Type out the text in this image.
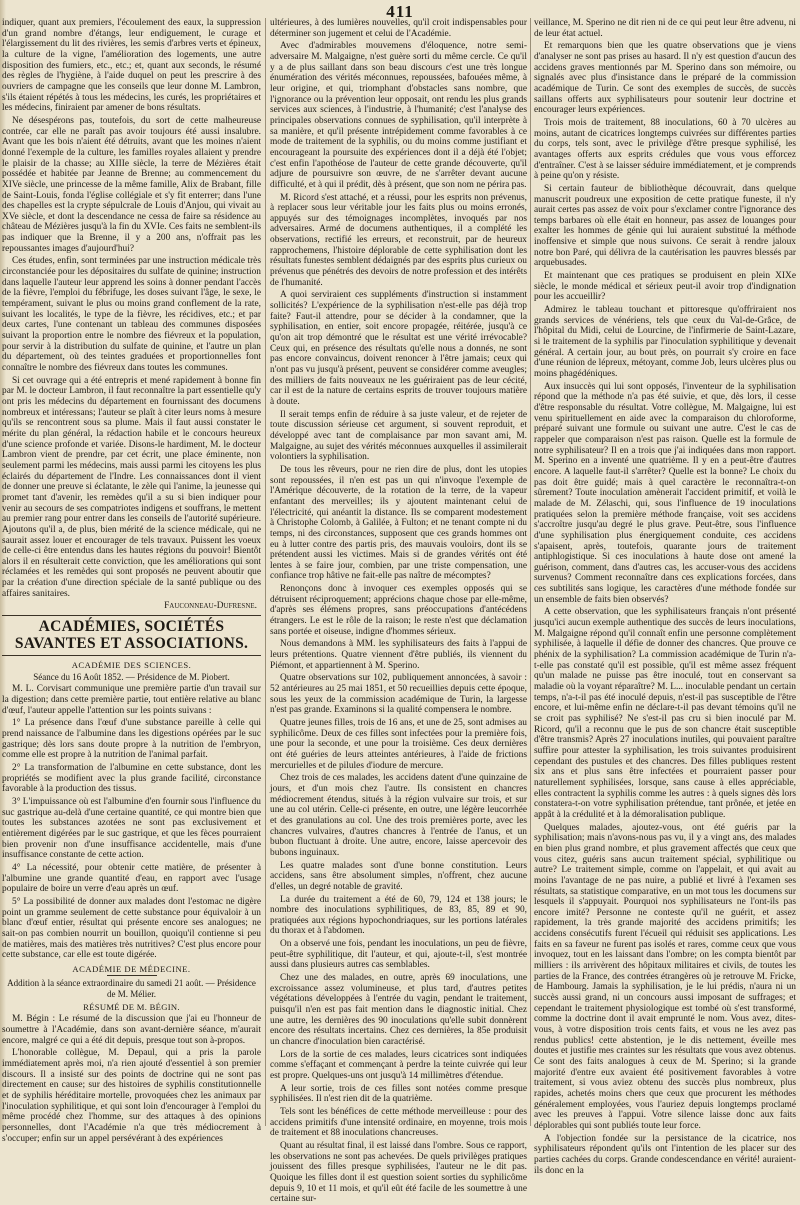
411

indiquer, quant aux premiers, l'écoulement des eaux, la suppression d'un grand nombre d'étangs, leur endiguement, le curage et l'élargissement du lit des rivières, les semis d'arbres verts et épineux, la culture de la vigne, l'amélioration des logements, une autre disposition des fumiers, etc., etc.; et, quant aux seconds, le résumé des règles de l'hygiène, à l'aide duquel on peut les prescrire à des ouvriers de campagne que les conseils que leur donne M. Lambron, s'ils étaient répétés à tous les médecins, les curés, les propriétaires et les médecins, finiraient par amener de bons résultats.

Ne désespérons pas, toutefois, du sort de cette malheureuse contrée, car elle ne paraît pas avoir toujours été aussi insalubre. Avant que les bois n'aient été détruits, avant que les moines n'aient donné l'exemple de la culture, les familles royales allaient y prendre le plaisir de la chasse; au XIIIe siècle, la terre de Mézières était possédée et habitée par Jeanne de Brenne; au commencement du XIVe siècle, une princesse de la même famille, Alix de Brabant, fille de Saint-Louis, fonda l'église collégiale et s'y fit enterrer; dans l'une des chapelles est la crypte sépulcrale de Louis d'Anjou, qui vivait au XVe siècle, et dont la descendance ne cessa de faire sa résidence au château de Mézières jusqu'à la fin du XVIe. Ces faits ne semblent-ils pas indiquer que la Brenne, il y a 200 ans, n'offrait pas les repoussantes images d'aujourd'hui?

Ces études, enfin, sont terminées par une instruction médicale très circonstanciée pour les dépositaires du sulfate de quinine; instruction dans laquelle l'auteur leur apprend les soins à donner pendant l'accès de la fièvre, l'emploi du fébrifuge, les doses suivant l'âge, le sexe, le tempérament, suivant le plus ou moins grand conflement de la rate, suivant les localités, le type de la fièvre, les récidives, etc.; et par deux cartes, l'une contenant un tableau des communes disposées suivant la proportion entre le nombre des fiévreux et la population, pour servir à la distribution du sulfate de quinine, et l'autre un plan du département, où des teintes graduées et proportionnelles font connaître le nombre des fiévreux dans toutes les communes.

Si cet ouvrage qui a été entrepris et mené rapidement à bonne fin par M. le docteur Lambron, il faut reconnaître la part essentielle qu'y ont pris les médecins du département en fournissant des documens nombreux et intéressans; l'auteur se plaît à citer leurs noms à mesure qu'ils se rencontrent sous sa plume. Mais il faut aussi constater le mérite du plan général, la rédaction habile et le concours heureux d'une science profonde et variée. Disons-le hardiment, M. le docteur Lambron vient de prendre, par cet écrit, une place éminente, non seulement parmi les médecins, mais aussi parmi les citoyens les plus éclairés du département de l'Indre. Les connaissances dont il vient de donner une preuve si éclatante, le zèle qui l'anime, la jeunesse qui promet tant d'avenir, les remèdes qu'il a su si bien indiquer pour venir au secours de ses compatriotes indigens et souffrans, le mettent au premier rang pour entrer dans les conseils de l'autorité supérieure. Ajoutons qu'il a, de plus, bien mérité de la science médicale, qui ne saurait assez louer et encourager de tels travaux. Puissent les voeux de celle-ci être entendus dans les hautes régions du pouvoir! Bientôt alors il en résulterait cette conviction, que les améliorations qui sont réclamées et les remèdes qui sont proposés ne peuvent aboutir que par la création d'une direction spéciale de la santé publique ou des affaires sanitaires.

Fauconneau-Dufresne.
ACADÉMIES, SOCIÉTÉS SAVANTES ET ASSOCIATIONS.
ACADÉMIE DES SCIENCES.
Séance du 16 Août 1852. — Présidence de M. Piobert.

M. L. Corvisart communique une première partie d'un travail sur la digestion; dans cette première partie, tout entière relative au blanc d'œuf, l'auteur appelle l'attention sur les points suivans :

1° La présence dans l'œuf d'une substance pareille à celle qui prend naissance de l'albumine dans les digestions opérées par le suc gastrique; dès lors sans doute propre à la nutrition de l'embryon, comme elle est propre à la nutrition de l'animal parfait.

2° La transformation de l'albumine en cette substance, dont les propriétés se modifient avec la plus grande facilité, circonstance favorable à la production des tissus.

3° L'impuissance où est l'albumine d'en fournir sous l'influence du suc gastrique au-delà d'une certaine quantité, ce qui montre bien que toutes les substances azotées ne sont pas exclusivement et entièrement digérées par le suc gastrique, et que les fèces pourraient bien provenir non d'une insuffisance accidentelle, mais d'une insuffisance constante de cette action.

4° La nécessité, pour obtenir cette matière, de présenter à l'albumine une grande quantité d'eau, en rapport avec l'usage populaire de boire un verre d'eau après un œuf.

5° La possibilité de donner aux malades dont l'estomac ne digère point un gramme seulement de cette substance pour équivaloir à un blanc d'œuf entier, résultat qui présente encore ses analogues; ne sait-on pas combien nourrit un bouillon, quoiqu'il contienne si peu de matières, mais des matières très nutritives? C'est plus encore pour cette substance, car elle est toute digérée.

ACADÉMIE DE MÉDECINE.
Addition à la séance extraordinaire du samedi 21 août. — Présidence de M. Mélier.
RÉSUMÉ DE M. BÉGIN.

M. Bégin : Le résumé de la discussion que j'ai eu l'honneur de soumettre à l'Académie, dans son avant-dernière séance, m'aurait encore, malgré ce qui a été dit depuis, presque tout son à-propos.

L'honorable collègue, M. Depaul, qui a pris la parole immédiatement après moi, n'a rien ajouté d'essentiel à son premier discours. Il a insisté sur des points de doctrine qui ne sont pas directement en cause; sur des histoires de syphilis constitutionnelle et de syphilis héréditaire mortelle, provoquées chez les animaux par l'inoculation syphilitique, et qui sont loin d'encourager à l'emploi du même procédé chez l'homme, sur des attaques à des opinions personnelles, dont l'Académie n'a que très médiocrement à s'occuper; enfin sur un appel persévérant à des expériences

ultérieures, à des lumières nouvelles, qu'il croit indispensables pour déterminer son jugement et celui de l'Académie.

Avec d'admirables mouvemens d'éloquence, notre semi-adversaire M. Malgaigne, n'est guère sorti du même cercle. Ce qu'il y a de plus saillant dans son beau discours c'est une très longue énumération des vérités méconnues, repoussées, bafouées même, à leur origine, et qui, triomphant d'obstacles sans nombre, que l'ignorance ou la prévention leur opposait, ont rendu les plus grands services aux sciences, à l'industrie, à l'humanité; c'est l'analyse des principales observations connues de syphilisation, qu'il interprète à sa manière, et qu'il présente intrépidement comme favorables à ce mode de traitement de la syphilis, ou du moins comme justifiant et encourageant la poursuite des expériences dont il a déjà été l'objet; c'est enfin l'apothéose de l'auteur de cette grande découverte, qu'il adjure de poursuivre son œuvre, de ne s'arrêter devant aucune difficulté, et à qui il prédit, dès à présent, que son nom ne périra pas.

M. Ricord s'est attaché, et a réussi, pour les esprits non prévenus, à replacer sous leur véritable jour les faits plus ou moins erronés, appuyés sur des témoignages incomplètes, invoqués par nos adversaires. Armé de documens authentiques, il a complété les observations, rectifié les erreurs, et reconstruit, par de heureux rapprochemens, l'histoire déplorable de cette syphilisation dont les résultats funestes semblent dédaignés par des esprits plus curieux ou prévenus que pénétrés des devoirs de notre profession et des intérêts de l'humanité.

A quoi serviraient ces suppléments d'instruction si instamment sollicités? L'expérience de la syphilisation n'est-elle pas déjà trop faite? Faut-il attendre, pour se décider à la condamner, que la syphilisation, en entier, soit encore propagée, réitérée, jusqu'à ce qu'on ait trop démontré que le résultat est une vérité irrévocable? Ceux qui, en présence des résultats qu'elle nous a donnés, ne sont pas encore convaincus, doivent renoncer à l'être jamais; ceux qui n'ont pas vu jusqu'à présent, peuvent se considérer comme aveugles; des milliers de faits nouveaux ne les guériraient pas de leur cécité, car il est de la nature de certains esprits de trouver toujours matière à doute.

Il serait temps enfin de réduire à sa juste valeur, et de rejeter de toute discussion sérieuse cet argument, si souvent reproduit, et développé avec tant de complaisance par mon savant ami, M. Malgaigne, au sujet des vérités méconnues auxquelles il assimilerait volontiers la syphilisation.

De tous les rêveurs, pour ne rien dire de plus, dont les utopies sont repoussées, il n'en est pas un qui n'invoque l'exemple de l'Amérique découverte, de la rotation de la terre, de la vapeur enfantant des merveilles; ils y ajoutent maintenant celui de l'électricité, qui anéantit la distance. Ils se comparent modestement à Christophe Colomb, à Galilée, à Fulton; et ne tenant compte ni du temps, ni des circonstances, supposent que ces grands hommes ont eu à lutter contre des partis pris, des mauvais vouloirs, dont ils se prétendent aussi les victimes. Mais si de grandes vérités ont été lentes à se faire jour, combien, par une triste compensation, une confiance trop hâtive ne fait-elle pas naître de mécomptes?

Renonçons donc à invoquer ces exemples opposés qui se détruisent réciproquement; apprécions chaque chose par elle-même, d'après ses élémens propres, sans préoccupations d'antécédens étrangers. Le est le rôle de la raison; le reste n'est que déclamation sans portée et oiseuse, indigne d'hommes sérieux.

Nous demandons à MM. les syphilisateurs des faits à l'appui de leurs prétentions. Quatre viennent d'être publiés, ils viennent du Piémont, et appartiennent à M. Sperino.

Quatre observations sur 102, publiquement annoncées, à savoir : 52 antérieures au 25 mai 1851, et 50 recueillies depuis cette époque, sous les yeux de la commission académique de Turin, la largesse n'est pas grande. Examinons si la qualité compensera le nombre.

Quatre jeunes filles, trois de 16 ans, et une de 25, sont admises au syphilicôme. Deux de ces filles sont infectées pour la première fois, une pour la seconde, et une pour la troisième. Ces deux dernières ont été guéries de leurs atteintes antérieures, à l'aide de frictions mercurielles et de pilules d'iodure de mercure.

Chez trois de ces malades, les accidens datent d'une quinzaine de jours, et d'un mois chez l'autre. Ils consistent en chancres médiocrement étendus, situés à la région vulvaire sur trois, et sur une au col utérin. Celle-ci présente, en outre, une légère leucorrhée et des granulations au col. Une des trois premières porte, avec les chancres vulvaires, d'autres chancres à l'entrée de l'anus, et un bubon fluctuant à droite. Une autre, encore, laisse apercevoir des bubons inguinaux.

Les quatre malades sont d'une bonne constitution. Leurs accidens, sans être absolument simples, n'offrent, chez aucune d'elles, un degré notable de gravité.

La durée du traitement a été de 60, 79, 124 et 138 jours; le nombre des inoculations syphilitiques, de 83, 85, 89 et 90, pratiquées aux régions hypochondriaques, sur les portions latérales du thorax et à l'abdomen.

On a observé une fois, pendant les inoculations, un peu de fièvre, peut-être syphilitique, dit l'auteur, et qui, ajoute-t-il, s'est montrée aussi dans plusieurs autres cas semblables.

Chez une des malades, en outre, après 69 inoculations, une excroissance assez volumineuse, et plus tard, d'autres petites végétations développées à l'entrée du vagin, pendant le traitement, puisqu'il n'en est pas fait mention dans le diagnostic initial. Chez une autre, les dernières des 90 inoculations qu'elle subit donnèrent encore des résultats incertains. Chez ces dernières, la 85e produisit un chancre d'inoculation bien caractérisé.

Lors de la sortie de ces malades, leurs cicatrices sont indiquées comme s'effaçant et commençant à perdre la teinte cuivrée qui leur est propre. Quelques-uns ont jusqu'à 14 millimètres d'étendue.

A leur sortie, trois de ces filles sont notées comme presque syphilisées. Il n'est rien dit de la quatrième.

Tels sont les bénéfices de cette méthode merveilleuse : pour des accidens primitifs d'une intensité ordinaire, en moyenne, trois mois de traitement et 88 inoculations chancreuses.

Quant au résultat final, il est laissé dans l'ombre. Sous ce rapport, les observations ne sont pas achevées. De quels privilèges pratiques jouissent des filles presque syphilisées, l'auteur ne le dit pas. Quoique les filles dont il est question soient sorties du syphilicôme depuis 9, 10 et 11 mois, et qu'il eût été facile de les soumettre à une certaine sur-

veillance, M. Sperino ne dit rien ni de ce qui peut leur être advenu, ni de leur état actuel.

Et remarquons bien que les quatre observations que je viens d'analyser ne sont pas prises au hasard. Il n'y est question d'aucun des accidens graves mentionnés par M. Sperino dans son mémoire, ou signalés avec plus d'insistance dans le préparé de la commission académique de Turin. Ce sont des exemples de succès, de succès saillans offerts aux syphilisateurs pour soutenir leur doctrine et encourager leurs expériences.

Trois mois de traitement, 88 inoculations, 60 à 70 ulcères au moins, autant de cicatrices longtemps cuivrées sur différentes parties du corps, tels sont, avec le privilège d'être presque syphilisé, les avantages offerts aux esprits crédules que vous vous efforcez d'entraîner. C'est à se laisser séduire immédiatement, et je comprends à peine qu'on y résiste.

Si certain fauteur de bibliothèque découvrait, dans quelque manuscrit poudreux une exposition de cette pratique funeste, il n'y aurait certes pas assez de voix pour s'exclamer contre l'ignorance des temps barbares où elle était en honneur, pas assez de louanges pour exalter les hommes de génie qui lui auraient substitué la méthode inoffensive et simple que nous suivons. Ce serait à rendre jaloux notre bon Paré, qui délivra de la cautérisation les pauvres blessés par arquebusades.

Et maintenant que ces pratiques se produisent en plein XIXe siècle, le monde médical et sérieux peut-il avoir trop d'indignation pour les accueillir?

Admirez le tableau touchant et pittoresque qu'offriraient nos grands services de vénériens, tels que ceux du Val-de-Grâce, de l'hôpital du Midi, celui de Lourcine, de l'infirmerie de Saint-Lazare, si le traitement de la syphilis par l'inoculation syphilitique y devenait général. A certain jour, au bout près, on pourrait s'y croire en face d'une réunion de lépreux, métoyant, comme Job, leurs ulcères plus ou moins phagédéniques.

Aux insuccès qui lui sont opposés, l'inventeur de la syphilisation répond que la méthode n'a pas été suivie, et que, dès lors, il cesse d'être responsable du résultat. Votre collègue, M. Malgaigne, lui est venu spirituellement en aide avec la comparaison du chloroforme, préparé suivant une formule ou suivant une autre. C'est le cas de rappeler que comparaison n'est pas raison. Quelle est la formule de notre syphilisateur? Il en a trois que j'ai indiquées dans mon rapport. M. Sperino en a inventé une quatrième. Il y en a peut-être d'autres encore. A laquelle faut-il s'arrêter? Quelle est la bonne? Le choix du pas doit être guidé; mais à quel caractère le reconnaîtra-t-on sûrement? Toute inoculation amènerait l'accident primitif, et voilà le malade de M. Zélaschi, qui, sous l'influence de 19 inoculations pratiquées selon la première méthode française, voit ses accidens s'accroître jusqu'au degré le plus grave. Peut-être, sous l'influence d'une syphilisation plus énergiquement conduite, ces accidens s'apaisent, après, toutefois, quarante jours de traitement antiphlogistique. Si ces inoculations à haute dose ont amené la guérison, comment, dans d'autres cas, les accuser-vous des accidens survenus? Comment reconnaître dans ces explications forcées, dans ces subtilités sans logique, les caractères d'une méthode fondée sur un ensemble de faits bien observés?

A cette observation, que les syphilisateurs français n'ont présenté jusqu'ici aucun exemple authentique des succès de leurs inoculations, M. Malgaigne répond qu'il connaît enfin une personne complètement syphilisée, à laquelle il défie de donner des chancres. Que prouve ce phénix de la syphilisation? La commission académique de Turin n'a-t-elle pas constaté qu'il est possible, qu'il est même assez fréquent qu'un malade ne puisse pas être inoculé, tout en conservant sa maladie où la voyant réparaître? M. L... inoculable pendant un certain temps, n'a-t-il pas été inoculé depuis, n'est-il pas susceptible de l'être encore, et lui-même enfin ne déclare-t-il pas devant témoins qu'il ne se croit pas syphilisé? Ne s'est-il pas cru si bien inoculé par M. Ricord, qu'il a reconnu que le pus de son chancre était susceptible d'être transmis? Après 27 inoculations inutiles, qui pouvaient paraître suffire pour attester la syphilisation, les trois suivantes produisirent cependant des pustules et des chancres. Des filles publiques restent six ans et plus sans être infectées et pourraient passer pour naturellement syphilisées, lorsque, sans cause à elles appréciable, elles contractent la syphilis comme les autres : à quels signes dès lors constatera-t-on votre syphilisation prétendue, tant prônée, et jetée en appât à la crédulité et à la démoralisation publique.

Quelques malades, ajoutez-vous, ont été guéris par la syphilisation; mais n'avons-nous pas vu, il y a vingt ans, des malades en bien plus grand nombre, et plus gravement affectés que ceux que vous citez, guéris sans aucun traitement spécial, syphilitique ou autre? Le traitement simple, comme on l'appelait, et qui avait au moins l'avantage de ne pas nuire, a publié et livré à l'examen ses résultats, sa statistique comparative, en un mot tous les documens sur lesquels il s'appuyait. Pourquoi nos syphilisateurs ne l'ont-ils pas encore imité? Personne ne conteste qu'il ne guérit, et assez rapidement, la très grande majorité des accidens primitifs; les accidens consécutifs furent l'écueil qui réduisit ses applications. Les faits en sa faveur ne furent pas isolés et rares, comme ceux que vous invoquez, tout en les laissant dans l'ombre; on les compta bientôt par milliers : ils arrivèrent des hôpitaux militaires et civils, de toutes les parties de la France, des contrées étrangères où je retrouve M. Fricke, de Hambourg. Jamais la syphilisation, je le lui prédis, n'aura ni un succès aussi grand, ni un concours aussi imposant de suffrages; et cependant le traitement physiologique est tombé où s'est transformé, comme la doctrine dont il avait emprunté le nom. Vous avez, dites-vous, à votre disposition trois cents faits, et vous ne les avez pas rendus publics! cette abstention, je le dis nettement, éveille mes doutes et justifie mes craintes sur les résultats que vous avez obtenus. Ce sont des faits analogues à ceux de M. Sperino; si la grande majorité d'entre eux avaient été positivement favorables à votre traitement, si vous aviez obtenu des succès plus nombreux, plus rapides, achetés moins chers que ceux que procurent les méthodes généralement employées, vous l'auriez depuis longtemps proclamé avec les preuves à l'appui. Votre silence laisse donc aux faits déplorables qui sont publiés toute leur force.

A l'objection fondée sur la persistance de la cicatrice, nos syphilisateurs répondent qu'ils ont l'intention de les placer sur des parties cachées du corps. Grande condescendance en vérité! auraient-ils donc en la
